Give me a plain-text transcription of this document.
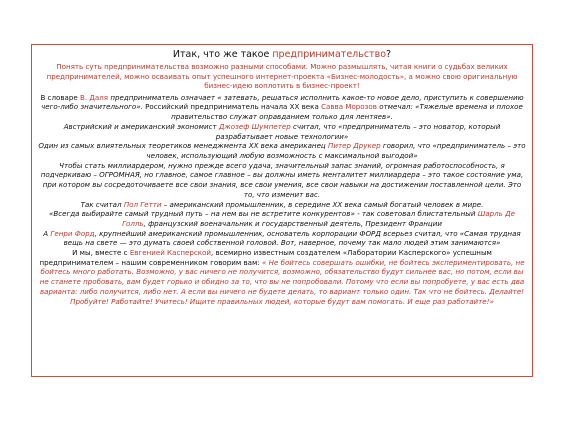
Итак, что же такое предпринимательство?
Понять суть предпринимательства возможно разными способами. Можно размышлять, читая книги о судьбах великих предпринимателей, можно осваивать опыт успешного интернет-проекта «Бизнес-молодость», а можно свою оригинальную бизнес-идею воплотить в бизнес-проект!

В словаре В. Даля предприниматель означает « затевать, решаться исполнить какое-то новое дело, приступить к совершению чего-либо значительного». Российский предприниматель начала ХХ века Савва Морозов отмечал: «Тяжелые времена и плохое правительство служат оправданием только для лентяев».

Австрийский и американский экономист Джозеф Шумпетер считал, что «предприниматель – это новатор, который разрабатывает новые технологии»

Один из самых влиятельных теоретиков менеджмента ХХ века американец Питер Друкер говорил, что «предприниматель – это человек, использующий любую возможность с максимальной выгодой»

Чтобы стать миллиардером, нужно прежде всего удача, значительный запас знаний, огромная работоспособность, я подчеркиваю – ОГРОМНАЯ, но главное, самое главное – вы должны иметь менталитет миллиардера – это такое состояние ума, при котором вы сосредоточиваете все свои знания, все свои умения, все свои навыки на достижении поставленной цели. Это то, что изменит вас.

Так считал Пол Гетти – американский промышленник, в середине XX века самый богатый человек в мире.

«Всегда выбирайте самый трудный путь – на нем вы не встретите конкурентов» - так советовал блистательный Шарль Де Голль, французский военачальник и государственный деятель, Президент Франции

А Генри Форд, крупнейший американский промышленник, основатель корпорации ФОРД всерьез считал, что «Самая трудная вещь на свете — это думать своей собственной головой. Вот, наверное, почему так мало людей этим занимаются»

И мы, вместе с Евгенией Касперской, всемирно известным создателем «Лаборатории Касперского» успешным предпринимателем – нашим современником говорим вам: « Не бойтесь совершать ошибки, не бойтесь экспериментировать, не бойтесь много работать. Возможно, у вас ничего не получится, возможно, обязательство будут сильнее вас, но потом, если вы не станете пробовать, вам будет горько и обидно за то, что вы не попробовали. Потому что если вы попробуете, у вас есть два варианта: либо получится, либо нет. А если вы ничего не будете делать, то вариант только один. Так что не бойтесь. Делайте! Пробуйте! Работайте! Учитесь! Ищите правильных людей, которые будут вам помогать. И еще раз работайте!»
